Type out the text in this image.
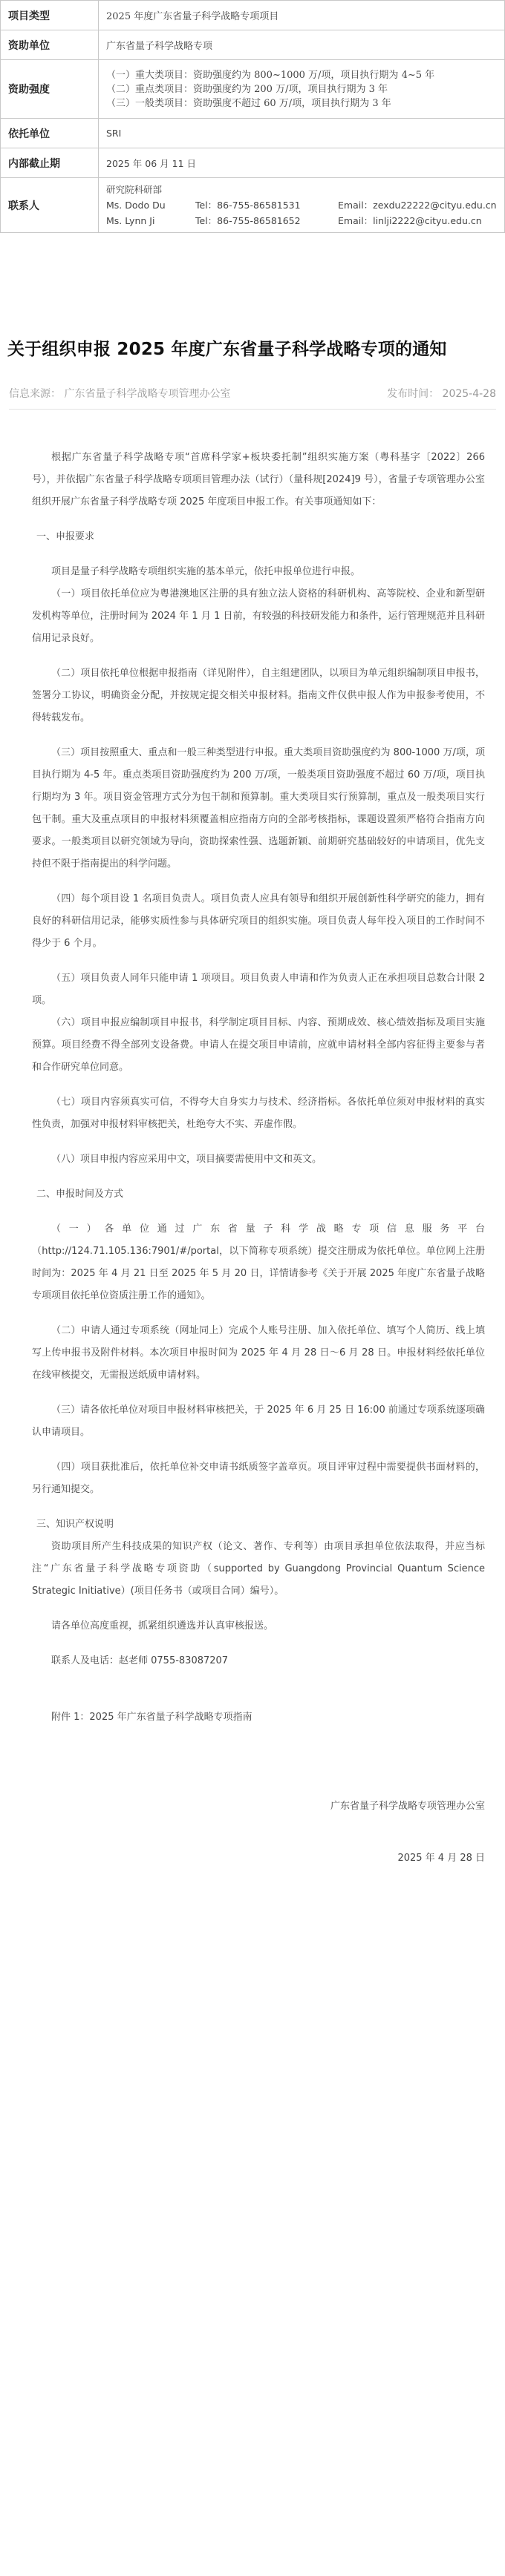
项目类型	2025 年度广东省量子科学战略专项项目
资助单位	广东省量子科学战略专项
资助强度	（一）重大类项目：资助强度约为 800~1000 万/项，项目执行期为 4~5 年
（二）重点类项目：资助强度约为 200 万/项，项目执行期为 3 年
（三）一般类项目：资助强度不超过 60 万/项，项目执行期为 3 年

依托单位	SRI
内部截止期	2025 年 06 月 11 日
联系人	研究院科研部
Ms. Dodo Du Tel：86-755-86581531 Email：zexdu22222@cityu.edu.cn
Ms. Lynn Ji Tel：86-755-86581652 Email：linlji2222@cityu.edu.cn
关于组织申报 2025 年度广东省量子科学战略专项的通知
信息来源： 广东省量子科学战略专项管理办公室	发布时间： 2025-4-28

根据广东省量子科学战略专项“首席科学家+板块委托制”组织实施方案（粤科基字〔2022〕266 号），并依据广东省量子科学战略专项项目管理办法（试行）（量科规[2024]9 号），省量子专项管理办公室组织开展广东省量子科学战略专项 2025 年度项目申报工作。有关事项通知如下：

一、申报要求

项目是量子科学战略专项组织实施的基本单元，依托申报单位进行申报。

（一）项目依托单位应为粤港澳地区注册的具有独立法人资格的科研机构、高等院校、企业和新型研发机构等单位，注册时间为 2024 年 1 月 1 日前，有较强的科技研发能力和条件，运行管理规范并且科研信用记录良好。

（二）项目依托单位根据申报指南（详见附件），自主组建团队，以项目为单元组织编制项目申报书，签署分工协议，明确资金分配，并按规定提交相关申报材料。指南文件仅供申报人作为申报参考使用，不得转载发布。

（三）项目按照重大、重点和一般三种类型进行申报。重大类项目资助强度约为 800-1000 万/项，项目执行期为 4-5 年。重点类项目资助强度约为 200 万/项，一般类项目资助强度不超过 60 万/项，项目执行期均为 3 年。项目资金管理方式分为包干制和预算制。重大类项目实行预算制，重点及一般类项目实行包干制。重大及重点项目的申报材料须覆盖相应指南方向的全部考核指标，课题设置须严格符合指南方向要求。一般类项目以研究领域为导向，资助探索性强、选题新颖、前期研究基础较好的申请项目，优先支持但不限于指南提出的科学问题。

（四）每个项目设 1 名项目负责人。项目负责人应具有领导和组织开展创新性科学研究的能力，拥有良好的科研信用记录，能够实质性参与具体研究项目的组织实施。项目负责人每年投入项目的工作时间不得少于 6 个月。

（五）项目负责人同年只能申请 1 项项目。项目负责人申请和作为负责人正在承担项目总数合计限 2 项。

（六）项目申报应编制项目申报书，科学制定项目目标、内容、预期成效、核心绩效指标及项目实施预算。项目经费不得全部列支设备费。申请人在提交项目申请前，应就申请材料全部内容征得主要参与者和合作研究单位同意。

（七）项目内容须真实可信，不得夸大自身实力与技术、经济指标。各依托单位须对申报材料的真实性负责，加强对申报材料审核把关，杜绝夸大不实、弄虚作假。

（八）项目申报内容应采用中文，项目摘要需使用中文和英文。

二、申报时间及方式

（一）各单位通过广东省量子科学战略专项信息服务平台（http://124.71.105.136:7901/#/portal，以下简称专项系统）提交注册成为依托单位。单位网上注册时间为：2025 年 4 月 21 日至 2025 年 5 月 20 日，详情请参考《关于开展 2025 年度广东省量子战略专项项目依托单位资质注册工作的通知》。

（二）申请人通过专项系统（网址同上）完成个人账号注册、加入依托单位、填写个人简历、线上填写上传申报书及附件材料。本次项目申报时间为 2025 年 4 月 28 日～6 月 28 日。申报材料经依托单位在线审核提交，无需报送纸质申请材料。

（三）请各依托单位对项目申报材料审核把关，于 2025 年 6 月 25 日 16:00 前通过专项系统逐项确认申请项目。

（四）项目获批准后，依托单位补交申请书纸质签字盖章页。项目评审过程中需要提供书面材料的，另行通知提交。

三、知识产权说明

资助项目所产生科技成果的知识产权（论文、著作、专利等）由项目承担单位依法取得，并应当标注“广东省量子科学战略专项资助（supported by Guangdong Provincial Quantum Science Strategic Initiative）(项目任务书（或项目合同）编号）。

请各单位高度重视，抓紧组织遴选并认真审核报送。

联系人及电话：赵老师 0755-83087207

附件 1：2025 年广东省量子科学战略专项指南

广东省量子科学战略专项管理办公室

2025 年 4 月 28 日
